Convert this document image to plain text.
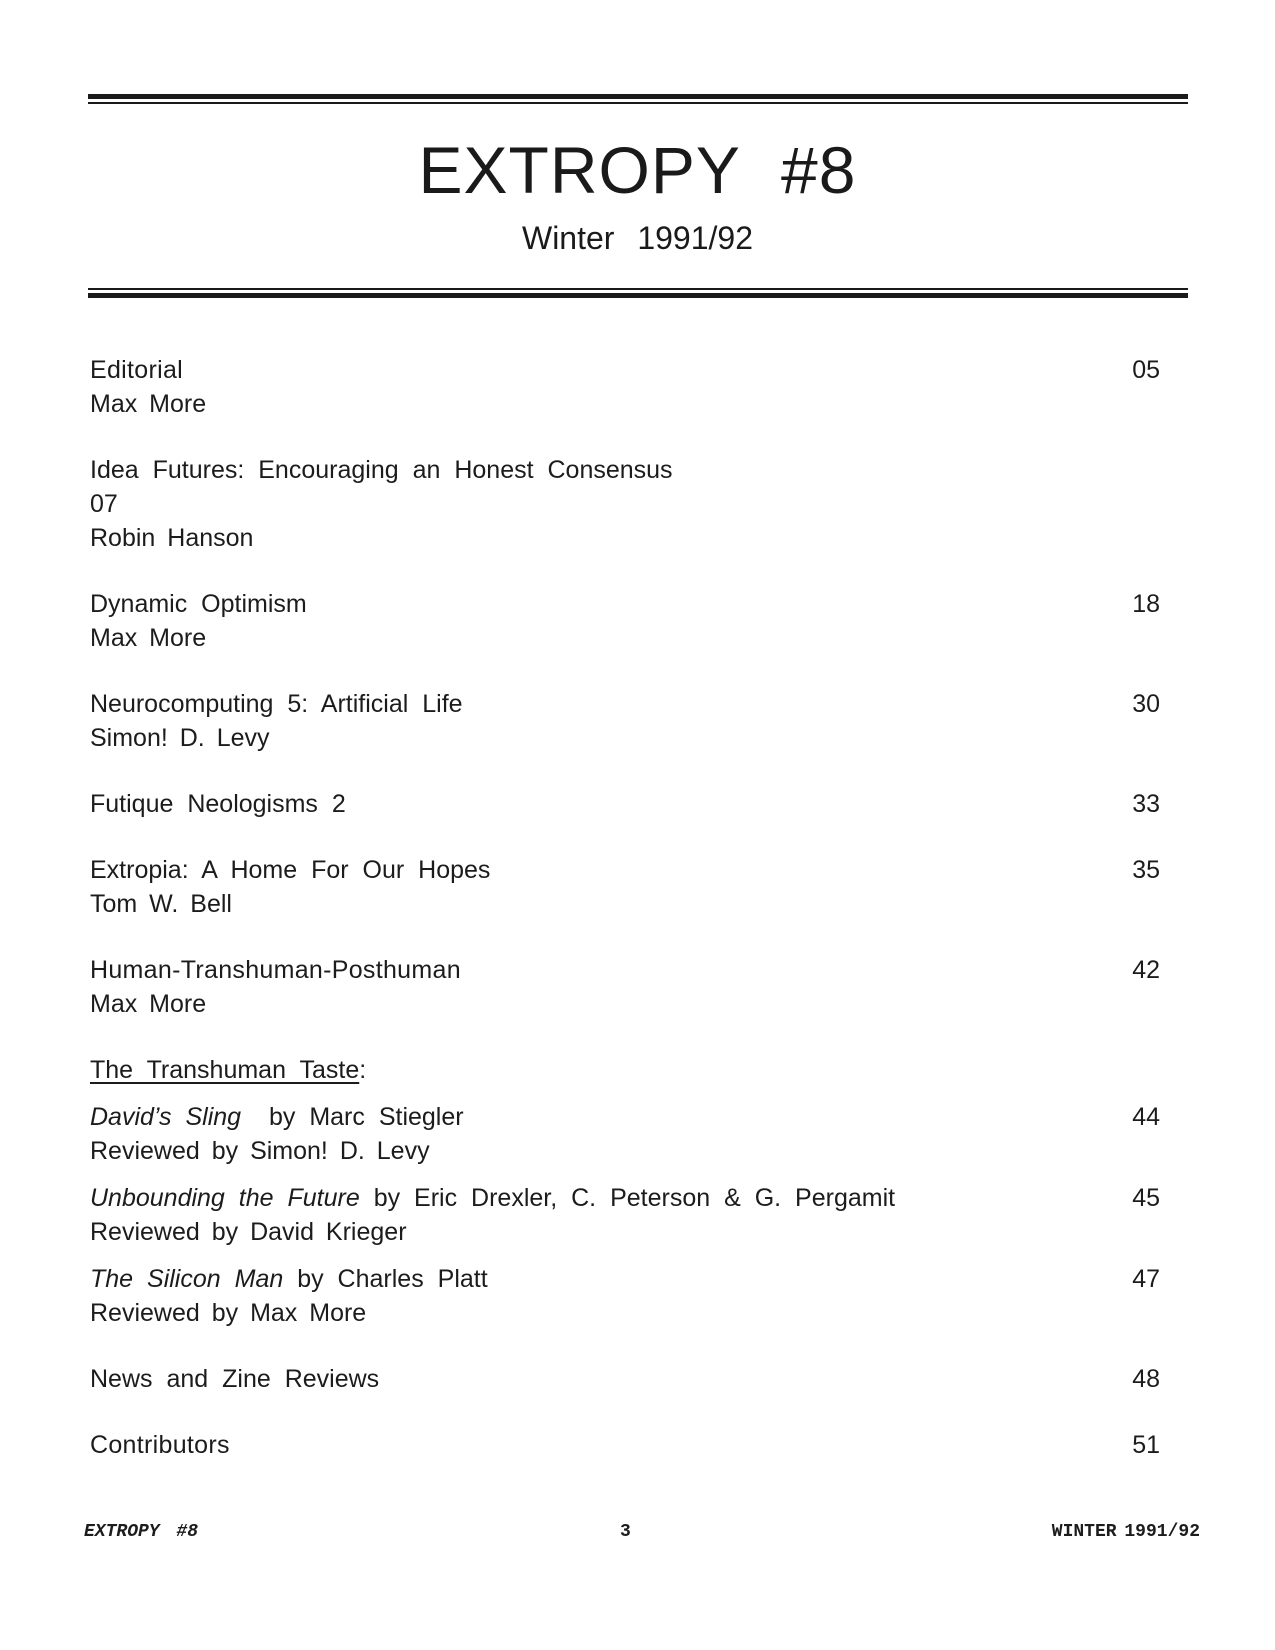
EXTROPY #8
Winter 1991/92
Editorial	05
Max More
Idea Futures: Encouraging an Honest Consensus
07
Robin Hanson
Dynamic Optimism	18
Max More
Neurocomputing 5: Artificial Life	30
Simon! D. Levy
Futique Neologisms 2	33
Extropia: A Home For Our Hopes	35
Tom W. Bell
Human-Transhuman-Posthuman	42
Max More
The Transhuman Taste:
David’s Sling by Marc Stiegler	44
Reviewed by Simon! D. Levy
Unbounding the Future by Eric Drexler, C. Peterson & G. Pergamit	45
Reviewed by David Krieger
The Silicon Man by Charles Platt	47
Reviewed by Max More
News and Zine Reviews	48
Contributors	51
EXTROPY #8	3	WINTER 1991/92
